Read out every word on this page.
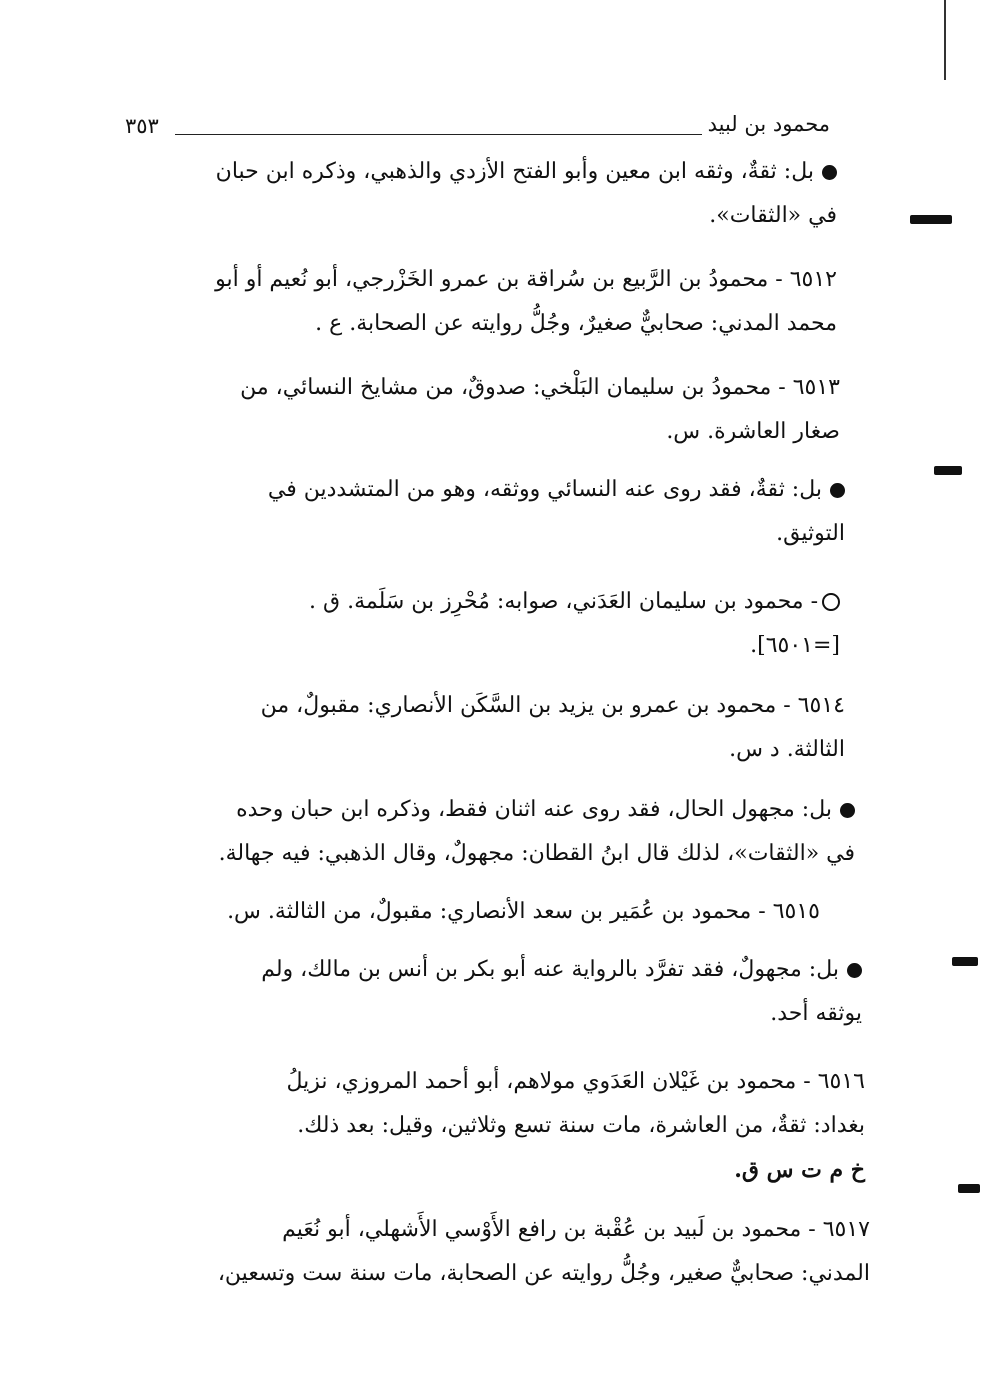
محمود بن لبيد
٣٥٣

بل: ثقةٌ، وثقه ابن معين وأبو الفتح الأزدي والذهبي، وذكره ابن حبان
في «الثقات».

٦٥١٢ - محمودُ بن الرَّبيع بن سُراقة بن عمرو الخَزْرجي، أبو نُعيم أو أبو
محمد المدني: صحابيٌّ صغيرٌ، وجُلُّ روايته عن الصحابة. ع .

٦٥١٣ - محمودُ بن سليمان البَلْخي: صدوقٌ، من مشايخ النسائي، من
صغار العاشرة. س.

بل: ثقةٌ، فقد روى عنه النسائي ووثقه، وهو من المتشددين في
التوثيق.

- محمود بن سليمان العَدَني، صوابه: مُحْرِز بن سَلَمة. ق .
[=٦٥٠١].

٦٥١٤ - محمود بن عمرو بن يزيد بن السَّكَن الأنصاري: مقبولٌ، من
الثالثة. د س.

بل: مجهول الحال، فقد روى عنه اثنان فقط، وذكره ابن حبان وحده
في «الثقات»، لذلك قال ابنُ القطان: مجهولٌ، وقال الذهبي: فيه جهالة.

٦٥١٥ - محمود بن عُمَير بن سعد الأنصاري: مقبولٌ، من الثالثة. س.

بل: مجهولٌ، فقد تفرَّد بالرواية عنه أبو بكر بن أنس بن مالك، ولم
يوثقه أحد.

٦٥١٦ - محمود بن غَيْلان العَدَوي مولاهم، أبو أحمد المروزي، نزيلُ
بغداد: ثقةٌ، من العاشرة، مات سنة تسع وثلاثين، وقيل: بعد ذلك.
خ م ت س ق.

٦٥١٧ - محمود بن لَبيد بن عُقْبة بن رافع الأَوْسي الأَشهلي، أبو نُعَيم
المدني: صحابيٌّ صغير، وجُلُّ روايته عن الصحابة، مات سنة ست وتسعين،
